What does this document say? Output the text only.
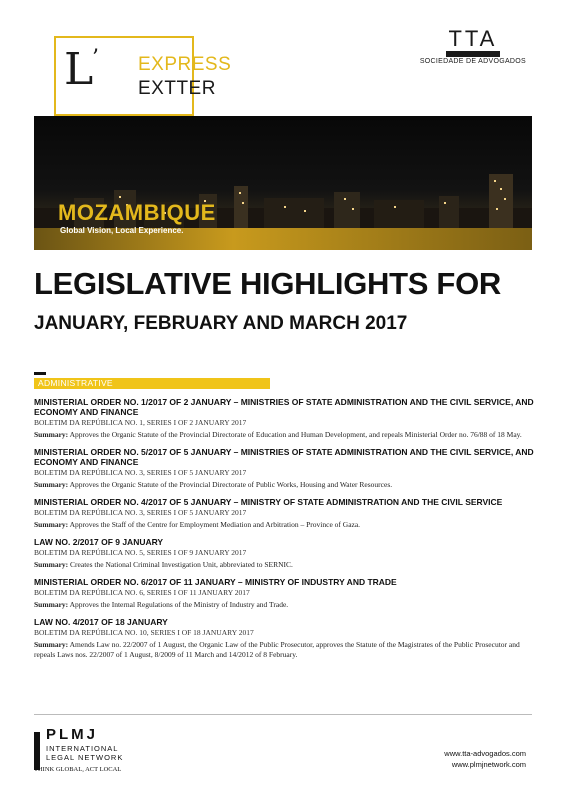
L
’ EXPRESS
EXTTER
TTA
SOCIEDADE DE ADVOGADOS
MOZAMBIQUE
Global Vision, Local Experience.
LEGISLATIVE HIGHLIGHTS FOR
JANUARY, FEBRUARY AND MARCH 2017
ADMINISTRATIVE
MINISTERIAL ORDER NO. 1/2017 OF 2 JANUARY – MINISTRIES OF STATE ADMINISTRATION AND THE CIVIL SERVICE, AND ECONOMY AND FINANCE
BOLETIM DA REPÚBLICA NO. 1, SERIES I OF 2 JANUARY 2017
Summary: Approves the Organic Statute of the Provincial Directorate of Education and Human Development, and repeals Ministerial Order no. 76/88 of 18 May.
MINISTERIAL ORDER NO. 5/2017 OF 5 JANUARY – MINISTRIES OF STATE ADMINISTRATION AND THE CIVIL SERVICE, AND ECONOMY AND FINANCE
BOLETIM DA REPÚBLICA NO. 3, SERIES I OF 5 JANUARY 2017
Summary: Approves the Organic Statute of the Provincial Directorate of Public Works, Housing and Water Resources.
MINISTERIAL ORDER NO. 4/2017 OF 5 JANUARY – MINISTRY OF STATE ADMINISTRATION AND THE CIVIL SERVICE
BOLETIM DA REPÚBLICA NO. 3, SERIES I OF 5 JANUARY 2017
Summary: Approves the Staff of the Centre for Employment Mediation and Arbitration – Province of Gaza.
LAW NO. 2/2017 OF 9 JANUARY
BOLETIM DA REPÚBLICA NO. 5, SERIES I OF 9 JANUARY 2017
Summary: Creates the National Criminal Investigation Unit, abbreviated to SERNIC.
MINISTERIAL ORDER NO. 6/2017 OF 11 JANUARY – MINISTRY OF INDUSTRY AND TRADE
BOLETIM DA REPÚBLICA NO. 6, SERIES I OF 11 JANUARY 2017
Summary: Approves the Internal Regulations of the Ministry of Industry and Trade.
LAW NO. 4/2017 OF 18 JANUARY
BOLETIM DA REPÚBLICA NO. 10, SERIES I OF 18 JANUARY 2017
Summary: Amends Law no. 22/2007 of 1 August, the Organic Law of the Public Prosecutor, approves the Statute of the Magistrates of the Public Prosecutor and repeals Laws nos. 22/2007 of 1 August, 8/2009 of 11 March and 14/2012 of 8 February.
PLMJ
INTERNATIONAL
LEGAL NETWORK
THINK GLOBAL, ACT LOCAL
www.tta-advogados.com
www.plmjnetwork.com
